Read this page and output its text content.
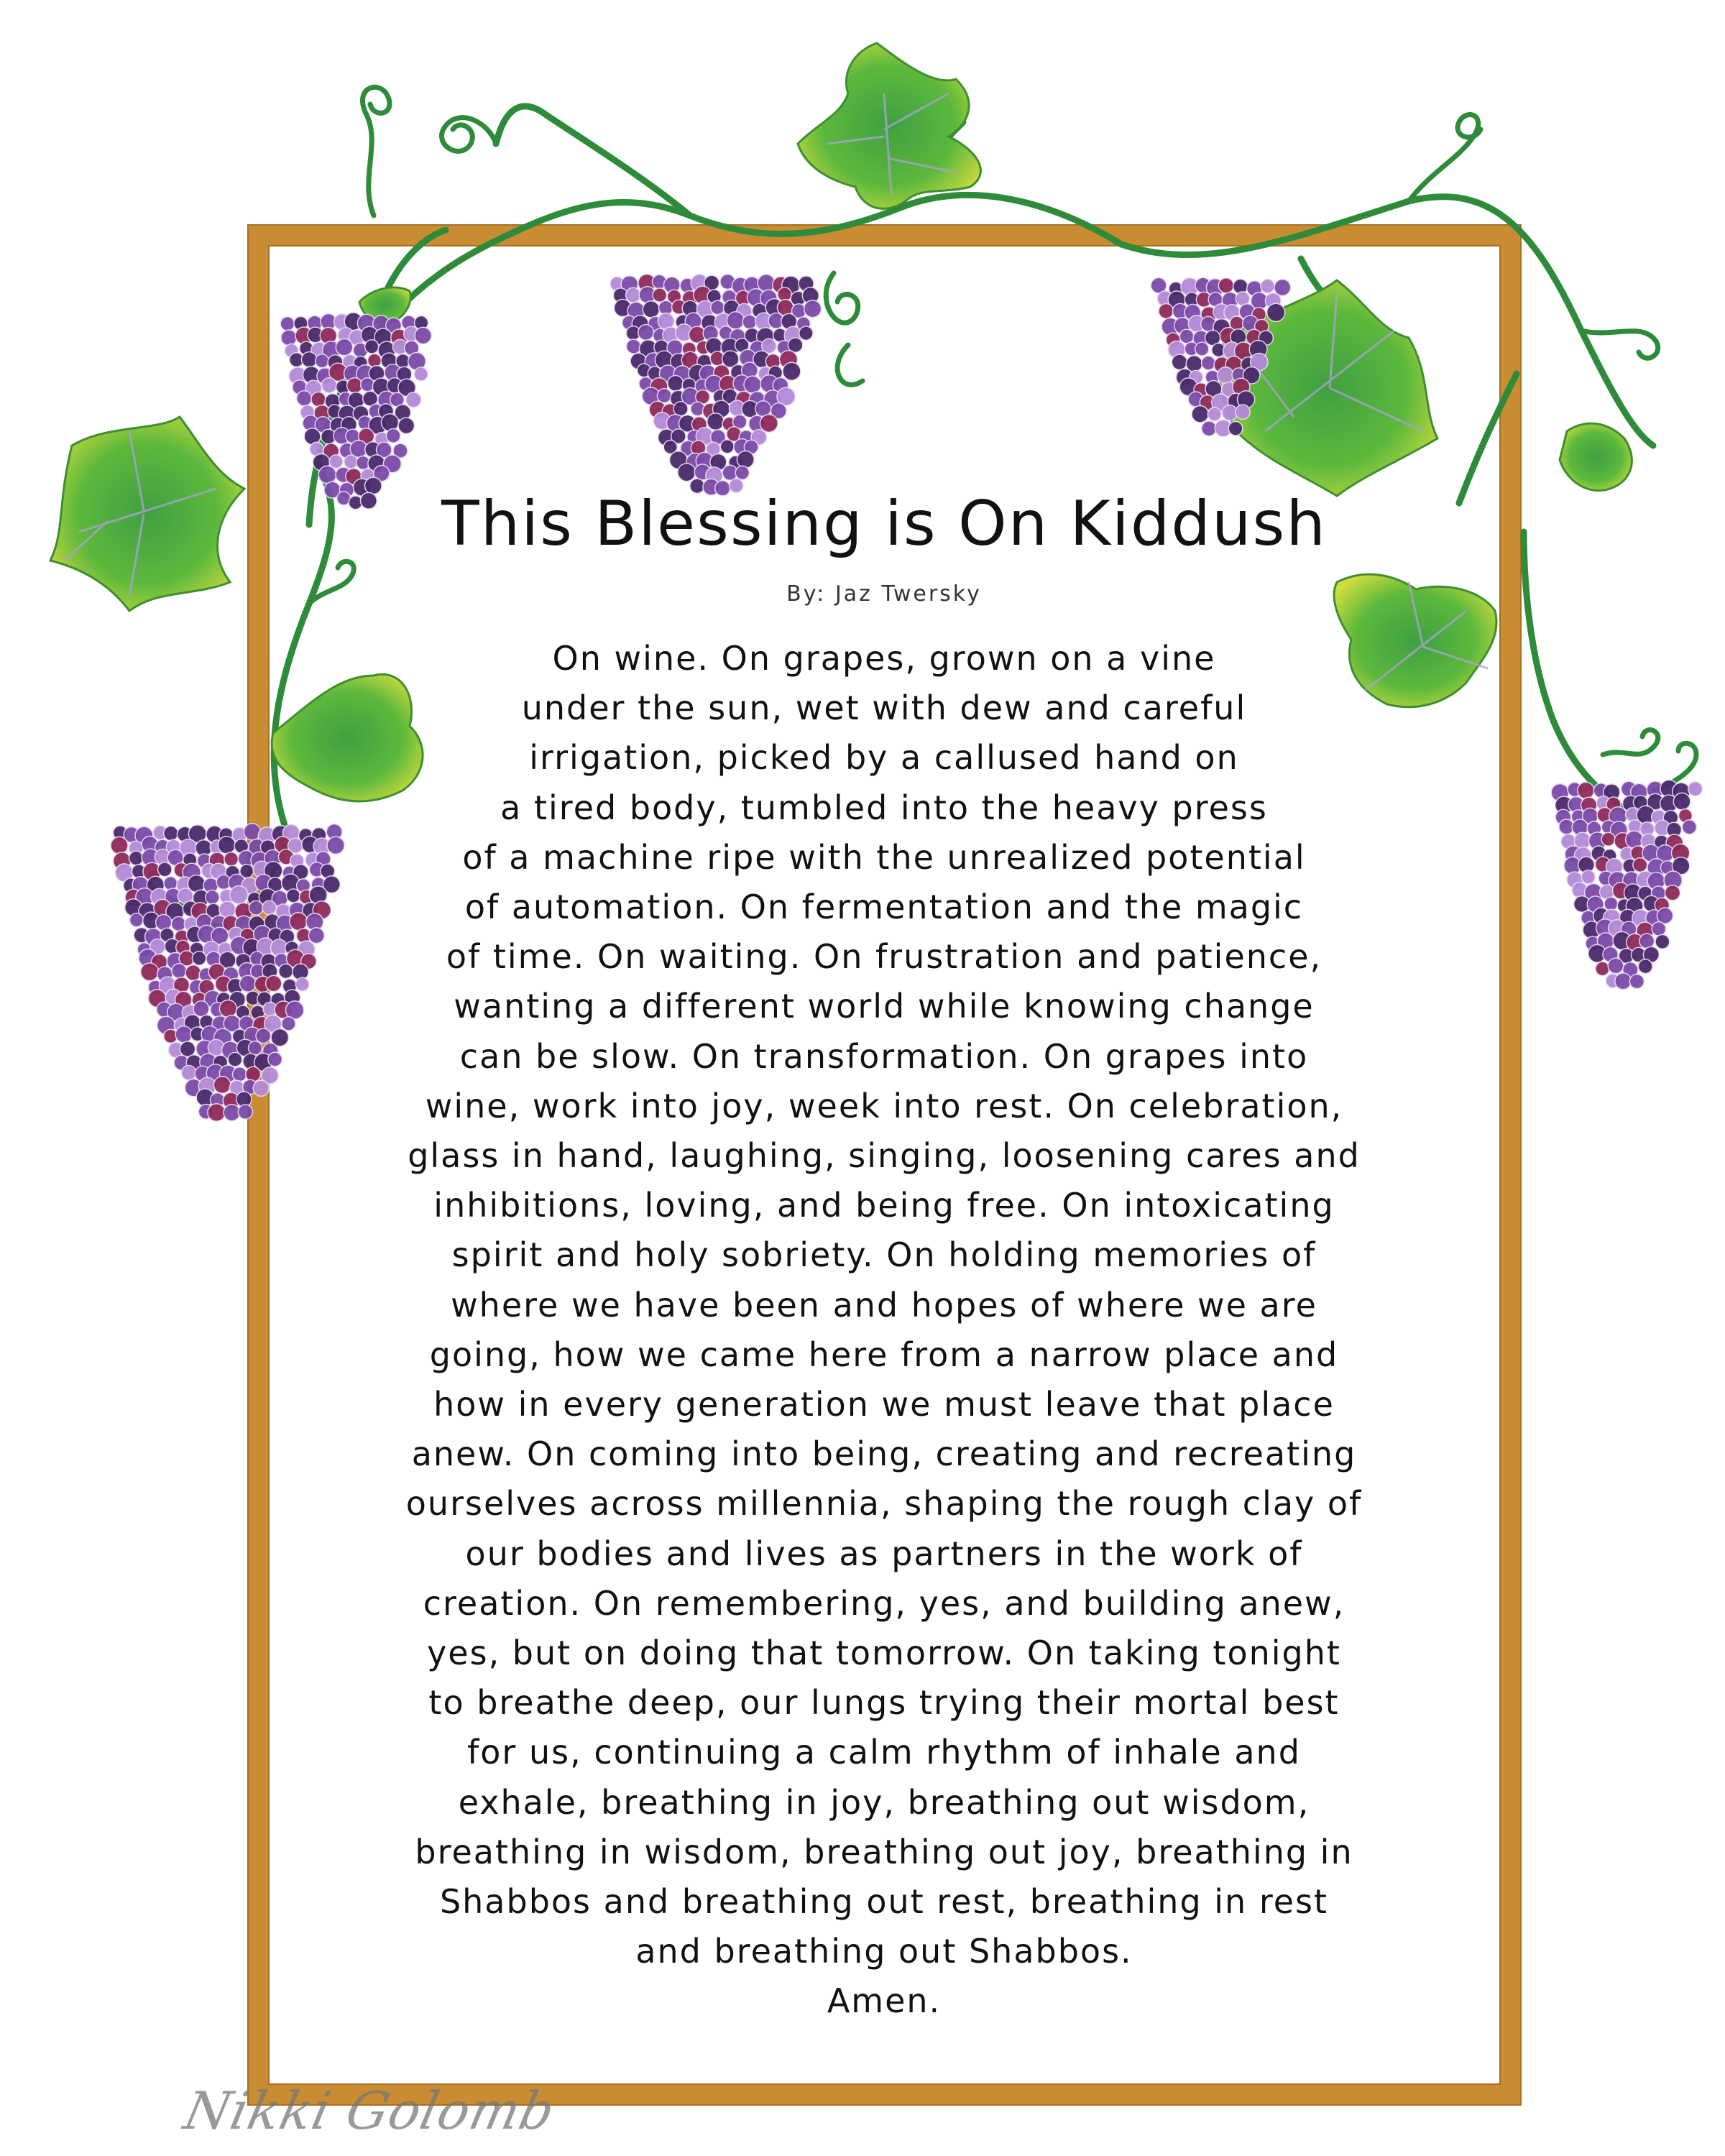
This Blessing is On Kiddush
By: Jaz Twersky
On wine. On grapes, grown on a vine
under the sun, wet with dew and careful
irrigation, picked by a callused hand on
a tired body, tumbled into the heavy press
of a machine ripe with the unrealized potential
of automation. On fermentation and the magic
of time. On waiting. On frustration and patience,
wanting a different world while knowing change
can be slow. On transformation. On grapes into
wine, work into joy, week into rest. On celebration,
glass in hand, laughing, singing, loosening cares and
inhibitions, loving, and being free. On intoxicating
spirit and holy sobriety. On holding memories of
where we have been and hopes of where we are
going, how we came here from a narrow place and
how in every generation we must leave that place
anew. On coming into being, creating and recreating
ourselves across millennia, shaping the rough clay of
our bodies and lives as partners in the work of
creation. On remembering, yes, and building anew,
yes, but on doing that tomorrow. On taking tonight
to breathe deep, our lungs trying their mortal best
for us, continuing a calm rhythm of inhale and
exhale, breathing in joy, breathing out wisdom,
breathing in wisdom, breathing out joy, breathing in
Shabbos and breathing out rest, breathing in rest
and breathing out Shabbos.
Amen.
Nikki Golomb
